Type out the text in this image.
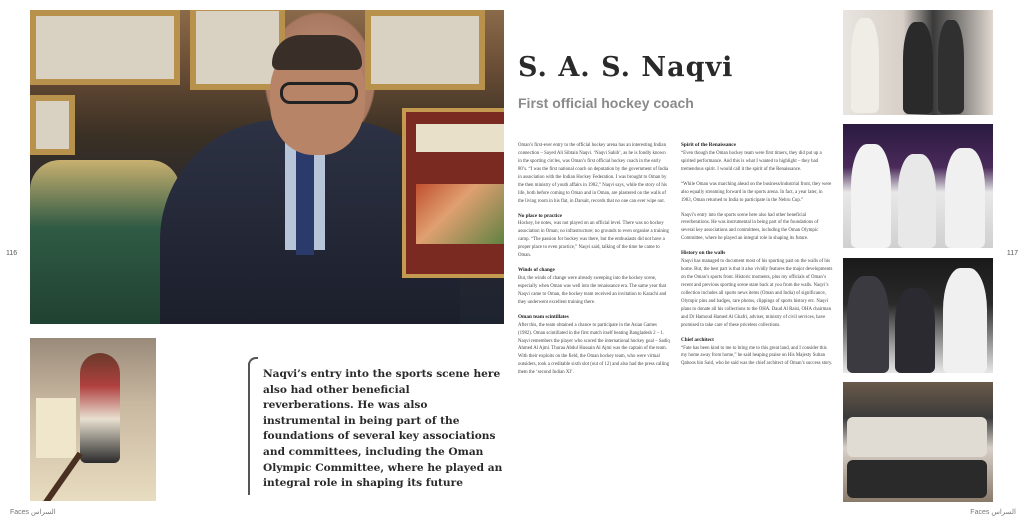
116	117
Naqvi’s entry into the sports scene here also had other beneficial reverberations. He was also instrumental in being part of the foundations of several key associations and committees, including the Oman Olympic Committee, where he played an integral role in shaping its future
S. A. S. Naqvi
First official hockey coach

Oman’s first-ever entry to the official hockey arena has an interesting Indian connection – Sayed Ali Sibtain Naqvi. ‘Naqvi Sahib’, as he is fondly known in the sporting circles, was Oman’s first official hockey coach in the early 80’s. “I was the first national coach on deputation by the government of India in association with the Indian Hockey Federation. I was brought to Oman by the then ministry of youth affairs in 1982,” Naqvi says, while the story of his life, both before coming to Oman and in Oman, are plastered on the walls of the living room in his flat, in Darsait, records that no one can ever wipe out.

No place to practice

Hockey, he notes, was not played on an official level. There was no hockey association in Oman; no infrastructure; no grounds to even organise a training camp. “The passion for hockey was there, but the enthusiasts did not have a proper place to even practice,” Naqvi said, talking of the time he came to Oman.

Winds of change

But, the winds of change were already sweeping into the hockey scene, especially when Oman was well into the renaissance era. The same year that Naqvi came to Oman, the hockey team received an invitation to Karachi and they underwent excellent training there.

Oman team scintillates

After this, the team obtained a chance to participate in the Asian Games (1982). Oman scintillated in the first match itself beating Bangladesh 2 – 1. Naqvi remembers the player who scored the international hockey goal – Sadiq Ahmed Al Ajmi. Thuraa Abdul Hussain Al Ajmi was the captain of the team. With their exploits on the field, the Oman hockey team, who were virtual outsiders, took a creditable sixth slot (out of 12) and also had the press calling them the ‘second Indian XI’.

Spirit of the Renaissance

“Even though the Oman hockey team were first timers, they did put up a spirited performance. And this is what I wanted to highlight – they had tremendous spirit. I would call it the spirit of the Renaissance.

“While Oman was marching ahead on the business/industrial front, they were also equally streaming forward in the sports arena. In fact, a year later, in 1983, Oman returned to India to participate in the Nehru Cup.”

Naqvi’s entry into the sports scene here also had other beneficial reverberations. He was instrumental in being part of the foundations of several key associations and committees, including the Oman Olympic Committee, where he played an integral role in shaping its future.

History on the walls

Naqvi has managed to document most of his sporting past on the walls of his home. But, the best part is that it also vividly features the major developments on the Oman’s sports front. Historic moments, plus my officials of Oman’s recent and previous sporting scene stare back at you from the walls. Naqvi’s collection includes all sports news items (Oman and India) of significance, Olympic pins and badges, rare photos, clippings of sports history etc. Naqvi plans to donate all his collections to the OHA. Daud Al Raisi, OHA chairman and Dr Hamoud Hamed Al Ghafri, adviser, ministry of civil services, have promised to take care of these priceless collections.

Chief architect

“Fate has been kind to me to bring me to this great land, and I consider this my home away from home,” he said heaping praise on His Majesty Sultan Qaboos bin Said, who he said was the chief architect of Oman’s success story.

Faces السراس	Faces السراس
